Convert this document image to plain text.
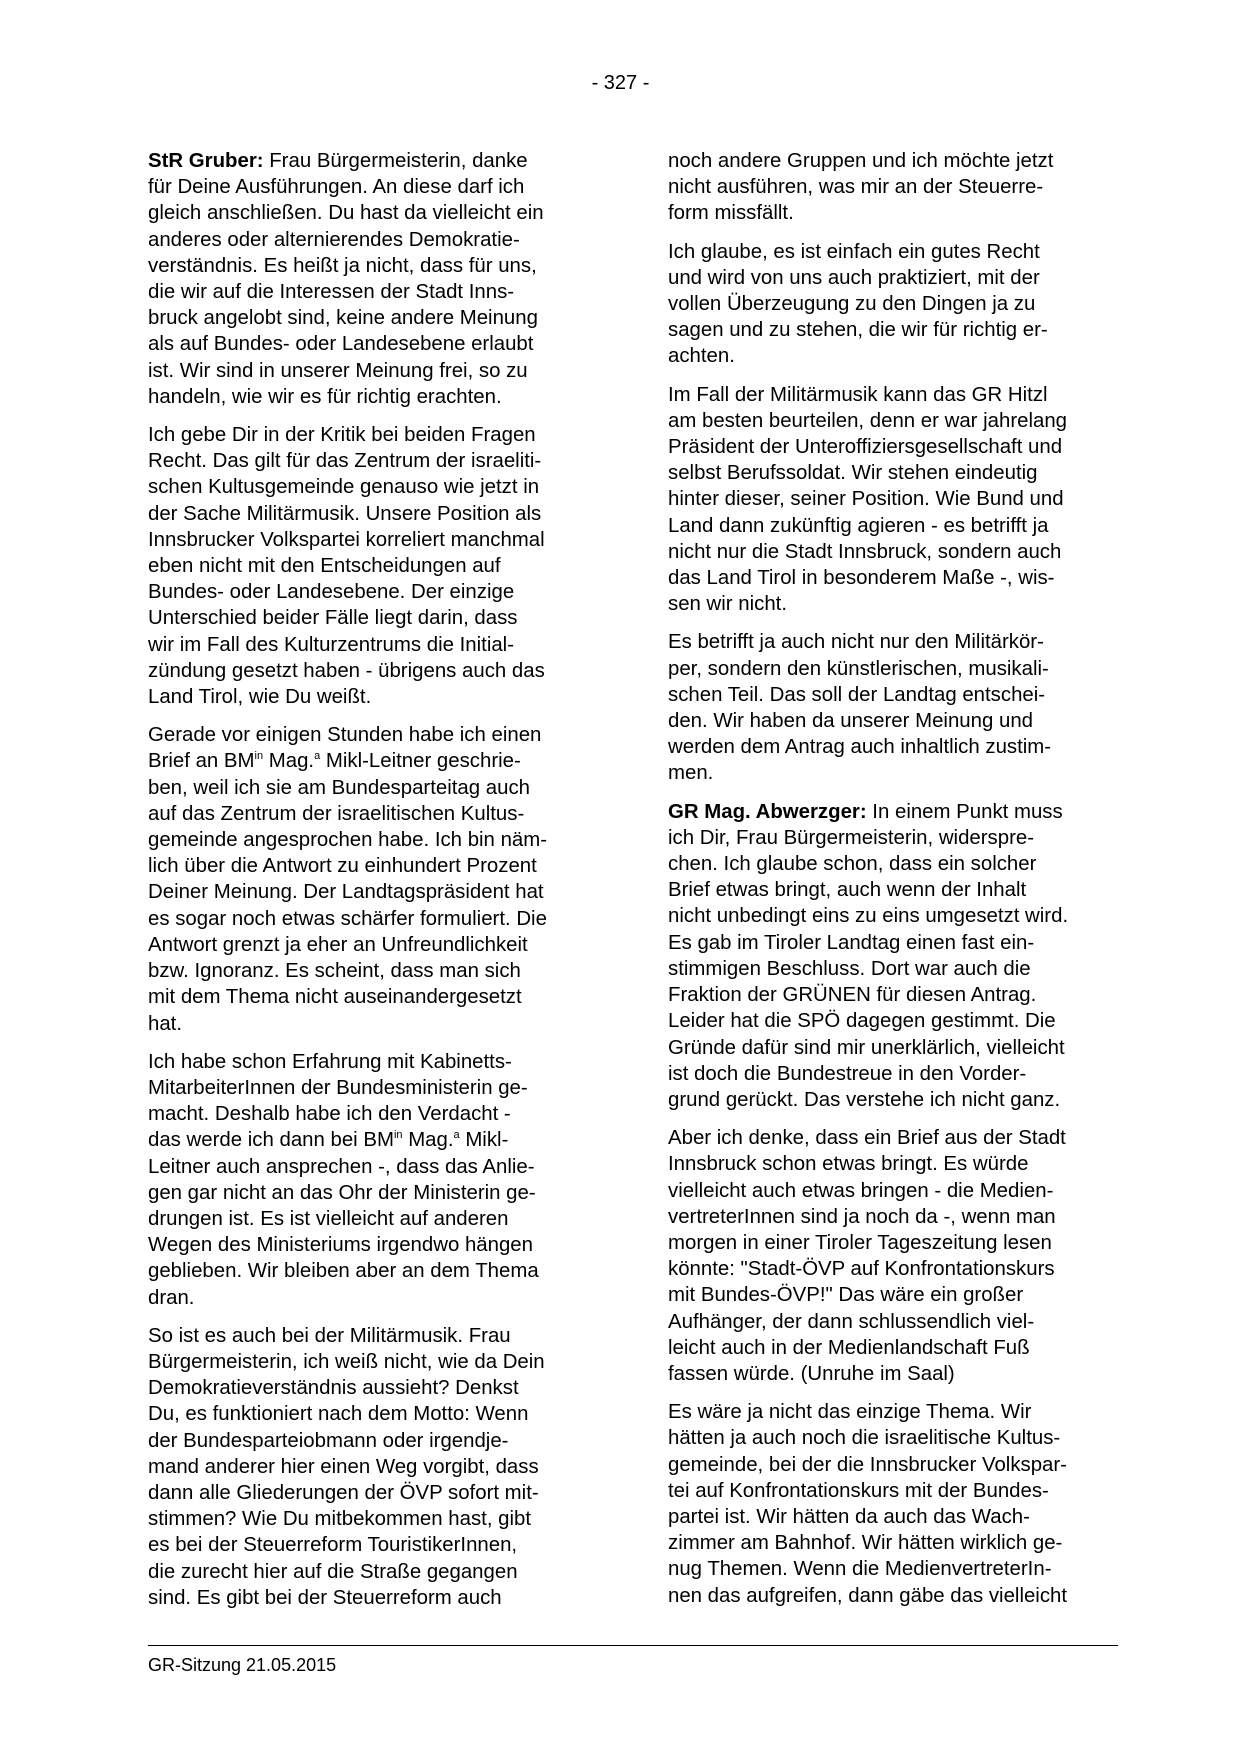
- 327 -

StR Gruber: Frau Bürgermeisterin, danke
für Deine Ausführungen. An diese darf ich
gleich anschließen. Du hast da vielleicht ein
anderes oder alternierendes Demokratie-
verständnis. Es heißt ja nicht, dass für uns,
die wir auf die Interessen der Stadt Inns-
bruck angelobt sind, keine andere Meinung
als auf Bundes- oder Landesebene erlaubt
ist. Wir sind in unserer Meinung frei, so zu
handeln, wie wir es für richtig erachten.

Ich gebe Dir in der Kritik bei beiden Fragen
Recht. Das gilt für das Zentrum der israeliti-
schen Kultusgemeinde genauso wie jetzt in
der Sache Militärmusik. Unsere Position als
Innsbrucker Volkspartei korreliert manchmal
eben nicht mit den Entscheidungen auf
Bundes- oder Landesebene. Der einzige
Unterschied beider Fälle liegt darin, dass
wir im Fall des Kulturzentrums die Initial-
zündung gesetzt haben - übrigens auch das
Land Tirol, wie Du weißt.

Gerade vor einigen Stunden habe ich einen
Brief an $BM^{in}$ Mag.$^a$ Mikl-Leitner geschrie-
ben, weil ich sie am Bundesparteitag auch
auf das Zentrum der israelitischen Kultus-
gemeinde angesprochen habe. Ich bin näm-
lich über die Antwort zu einhundert Prozent
Deiner Meinung. Der Landtagspräsident hat
es sogar noch etwas schärfer formuliert. Die
Antwort grenzt ja eher an Unfreundlichkeit
bzw. Ignoranz. Es scheint, dass man sich
mit dem Thema nicht auseinandergesetzt
hat.

Ich habe schon Erfahrung mit Kabinetts-
MitarbeiterInnen der Bundesministerin ge-
macht. Deshalb habe ich den Verdacht -
das werde ich dann bei $BM^{in}$ Mag.$^a$ Mikl-
Leitner auch ansprechen -, dass das Anlie-
gen gar nicht an das Ohr der Ministerin ge-
drungen ist. Es ist vielleicht auf anderen
Wegen des Ministeriums irgendwo hängen
geblieben. Wir bleiben aber an dem Thema
dran.

So ist es auch bei der Militärmusik. Frau
Bürgermeisterin, ich weiß nicht, wie da Dein
Demokratieverständnis aussieht? Denkst
Du, es funktioniert nach dem Motto: Wenn
der Bundesparteiobmann oder irgendje-
mand anderer hier einen Weg vorgibt, dass
dann alle Gliederungen der ÖVP sofort mit-
stimmen? Wie Du mitbekommen hast, gibt
es bei der Steuerreform TouristikerInnen,
die zurecht hier auf die Straße gegangen
sind. Es gibt bei der Steuerreform auch

noch andere Gruppen und ich möchte jetzt
nicht ausführen, was mir an der Steuerre-
form missfällt.

Ich glaube, es ist einfach ein gutes Recht
und wird von uns auch praktiziert, mit der
vollen Überzeugung zu den Dingen ja zu
sagen und zu stehen, die wir für richtig er-
achten.

Im Fall der Militärmusik kann das GR Hitzl
am besten beurteilen, denn er war jahrelang
Präsident der Unteroffiziersgesellschaft und
selbst Berufssoldat. Wir stehen eindeutig
hinter dieser, seiner Position. Wie Bund und
Land dann zukünftig agieren - es betrifft ja
nicht nur die Stadt Innsbruck, sondern auch
das Land Tirol in besonderem Maße -, wis-
sen wir nicht.

Es betrifft ja auch nicht nur den Militärkör-
per, sondern den künstlerischen, musikali-
schen Teil. Das soll der Landtag entschei-
den. Wir haben da unserer Meinung und
werden dem Antrag auch inhaltlich zustim-
men.

GR Mag. Abwerzger: In einem Punkt muss
ich Dir, Frau Bürgermeisterin, widerspre-
chen. Ich glaube schon, dass ein solcher
Brief etwas bringt, auch wenn der Inhalt
nicht unbedingt eins zu eins umgesetzt wird.
Es gab im Tiroler Landtag einen fast ein-
stimmigen Beschluss. Dort war auch die
Fraktion der GRÜNEN für diesen Antrag.
Leider hat die SPÖ dagegen gestimmt. Die
Gründe dafür sind mir unerklärlich, vielleicht
ist doch die Bundestreue in den Vorder-
grund gerückt. Das verstehe ich nicht ganz.

Aber ich denke, dass ein Brief aus der Stadt
Innsbruck schon etwas bringt. Es würde
vielleicht auch etwas bringen - die Medien-
vertreterInnen sind ja noch da -, wenn man
morgen in einer Tiroler Tageszeitung lesen
könnte: "Stadt-ÖVP auf Konfrontationskurs
mit Bundes-ÖVP!" Das wäre ein großer
Aufhänger, der dann schlussendlich viel-
leicht auch in der Medienlandschaft Fuß
fassen würde. (Unruhe im Saal)

Es wäre ja nicht das einzige Thema. Wir
hätten ja auch noch die israelitische Kultus-
gemeinde, bei der die Innsbrucker Volkspar-
tei auf Konfrontationskurs mit der Bundes-
partei ist. Wir hätten da auch das Wach-
zimmer am Bahnhof. Wir hätten wirklich ge-
nug Themen. Wenn die MedienvertreterIn-
nen das aufgreifen, dann gäbe das vielleicht

GR-Sitzung 21.05.2015
